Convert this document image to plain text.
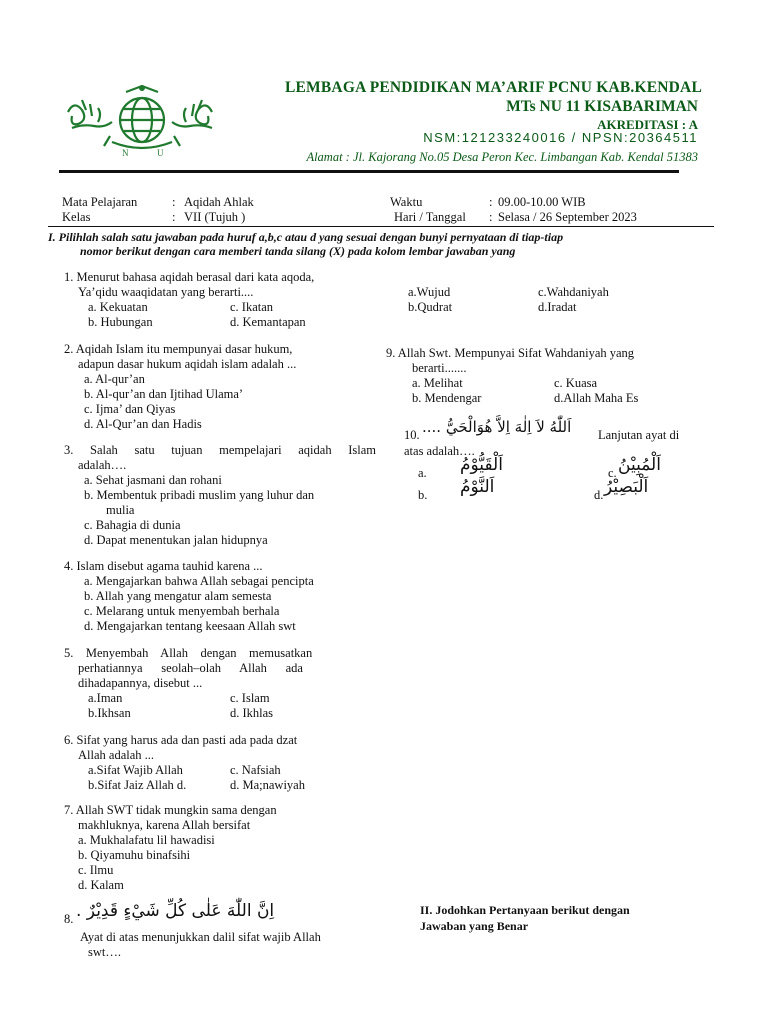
N	U
LEMBAGA PENDIDIKAN MA’ARIF PCNU KAB.KENDAL
MTs NU 11 KISABARIMAN
AKREDITASI : A
NSM:121233240016 / NPSN:20364511
Alamat : Jl. Kajorang No.05 Desa Peron Kec. Limbangan Kab. Kendal 51383
Mata Pelajaran	: Aqidah Ahlak
Kelas	: VII (Tujuh )
Waktu	: 09.00-10.00 WIB
Hari / Tanggal : Selasa / 26 September 2023
I. Pilihlah salah satu jawaban pada huruf a,b,c atau d yang sesuai dengan bunyi pernyataan di tiap-tiap
nomor berikut dengan cara memberi tanda silang (X) pada kolom lembar jawaban yang
1. Menurut bahasa aqidah berasal dari kata aqoda,
Ya’qidu waaqidatan yang berarti....
a. Kekuatan	c. Ikatan
b. Hubungan	d. Kemantapan
2. Aqidah Islam itu mempunyai dasar hukum,
adapun dasar hukum aqidah islam adalah ...
a. Al-qur’an
b. Al-qur’an dan Ijtihad Ulama’
c. Ijma’ dan Qiyas
d. Al-Qur’an dan Hadis
3. Salah satu tujuan mempelajari aqidah Islam
adalah….
a. Sehat jasmani dan rohani
b. Membentuk pribadi muslim yang luhur dan
mulia
c. Bahagia di dunia
d. Dapat menentukan jalan hidupnya
4. Islam disebut agama tauhid karena ...
a. Mengajarkan bahwa Allah sebagai pencipta
b. Allah yang mengatur alam semesta
c. Melarang untuk menyembah berhala
d. Mengajarkan tentang keesaan Allah swt
5.    Menyembah    Allah    dengan    memusatkan
perhatiannya      seolah–olah      Allah      ada
dihadapannya, disebut ...
a.Iman	c. Islam
b.Ikhsan	d. Ikhlas
6. Sifat yang harus ada dan pasti ada pada dzat
Allah adalah ...
a.Sifat Wajib Allah	c. Nafsiah
b.Sifat Jaiz Allah d.	d. Ma;nawiyah
7. Allah SWT tidak mungkin sama dengan
makhluknya, karena Allah bersifat
a. Mukhalafatu lil hawadisi
b. Qiyamuhu binafsihi
c. Ilmu
d. Kalam
8. اِنَّ اللّٰهَ عَلٰى كُلِّ شَيْءٍ قَدِيْرٌ .
Ayat di atas menunjukkan dalil sifat wajib Allah
swt….
a.Wujud	c.Wahdaniyah
b.Qudrat	d.Iradat
9. Allah Swt. Mempunyai Sifat Wahdaniyah yang
berarti.......
a. Melihat	c. Kuasa
b. Mendengar	d.Allah Maha Es
10. اَللّٰهُ لاَ اِلٰهَ اِلاَّ هُوَالْحَيُّ .... Lanjutan ayat di
atas adalah….
a. اَلْقَيُّوْمُ	c. اَلْمُبِيْنُ
b. اَلنَّوْمُ	d. اَلْبَصِيْرُ
II. Jodohkan Pertanyaan berikut dengan
Jawaban yang Benar
